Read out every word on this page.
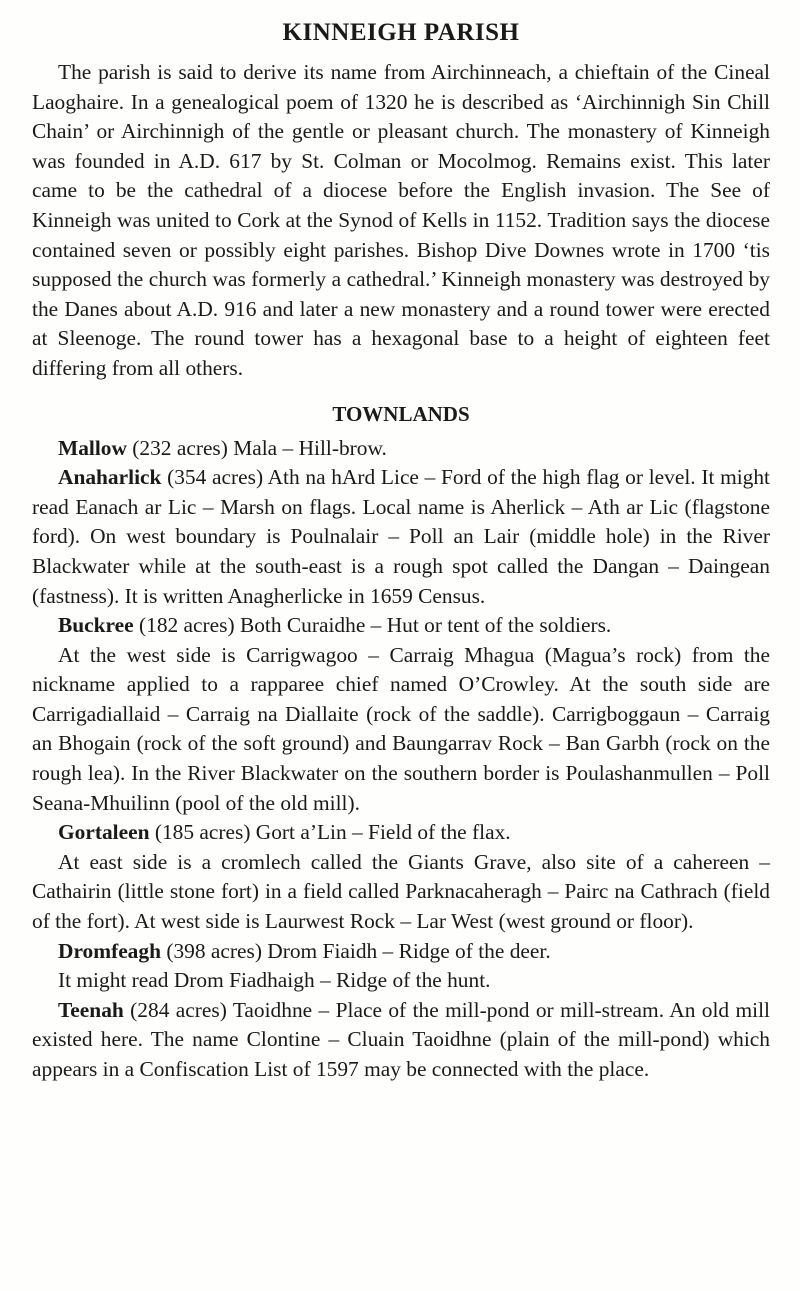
KINNEIGH PARISH

The parish is said to derive its name from Airchinneach, a chieftain of the Cineal Laoghaire. In a genealogical poem of 1320 he is described as ‘Airchinnigh Sin Chill Chain’ or Airchinnigh of the gentle or pleasant church. The monastery of Kinneigh was founded in A.D. 617 by St. Colman or Mocolmog. Remains exist. This later came to be the cathedral of a diocese before the English invasion. The See of Kinneigh was united to Cork at the Synod of Kells in 1152. Tradition says the diocese contained seven or possibly eight parishes. Bishop Dive Downes wrote in 1700 ‘tis supposed the church was formerly a cathedral.’ Kinneigh monastery was destroyed by the Danes about A.D. 916 and later a new monastery and a round tower were erected at Sleenoge. The round tower has a hexagonal base to a height of eighteen feet differing from all others.

TOWNLANDS

Mallow (232 acres) Mala – Hill-brow.

Anaharlick (354 acres) Ath na hArd Lice – Ford of the high flag or level. It might read Eanach ar Lic – Marsh on flags. Local name is Aherlick – Ath ar Lic (flagstone ford). On west boundary is Poulnalair – Poll an Lair (middle hole) in the River Blackwater while at the south-east is a rough spot called the Dangan – Daingean (fastness). It is written Anagherlicke in 1659 Census.

Buckree (182 acres) Both Curaidhe – Hut or tent of the soldiers.

At the west side is Carrigwagoo – Carraig Mhagua (Magua’s rock) from the nickname applied to a rapparee chief named O’Crowley. At the south side are Carrigadiallaid – Carraig na Diallaite (rock of the saddle). Carrigboggaun – Carraig an Bhogain (rock of the soft ground) and Baungarrav Rock – Ban Garbh (rock on the rough lea). In the River Blackwater on the southern border is Poulashanmullen – Poll Seana-Mhuilinn (pool of the old mill).

Gortaleen (185 acres) Gort a’Lin – Field of the flax.

At east side is a cromlech called the Giants Grave, also site of a cahereen – Cathairin (little stone fort) in a field called Parknacaheragh – Pairc na Cathrach (field of the fort). At west side is Laurwest Rock – Lar West (west ground or floor).

Dromfeagh (398 acres) Drom Fiaidh – Ridge of the deer.

It might read Drom Fiadhaigh – Ridge of the hunt.

Teenah (284 acres) Taoidhne – Place of the mill-pond or mill-stream. An old mill existed here. The name Clontine – Cluain Taoidhne (plain of the mill-pond) which appears in a Confiscation List of 1597 may be connected with the place.
